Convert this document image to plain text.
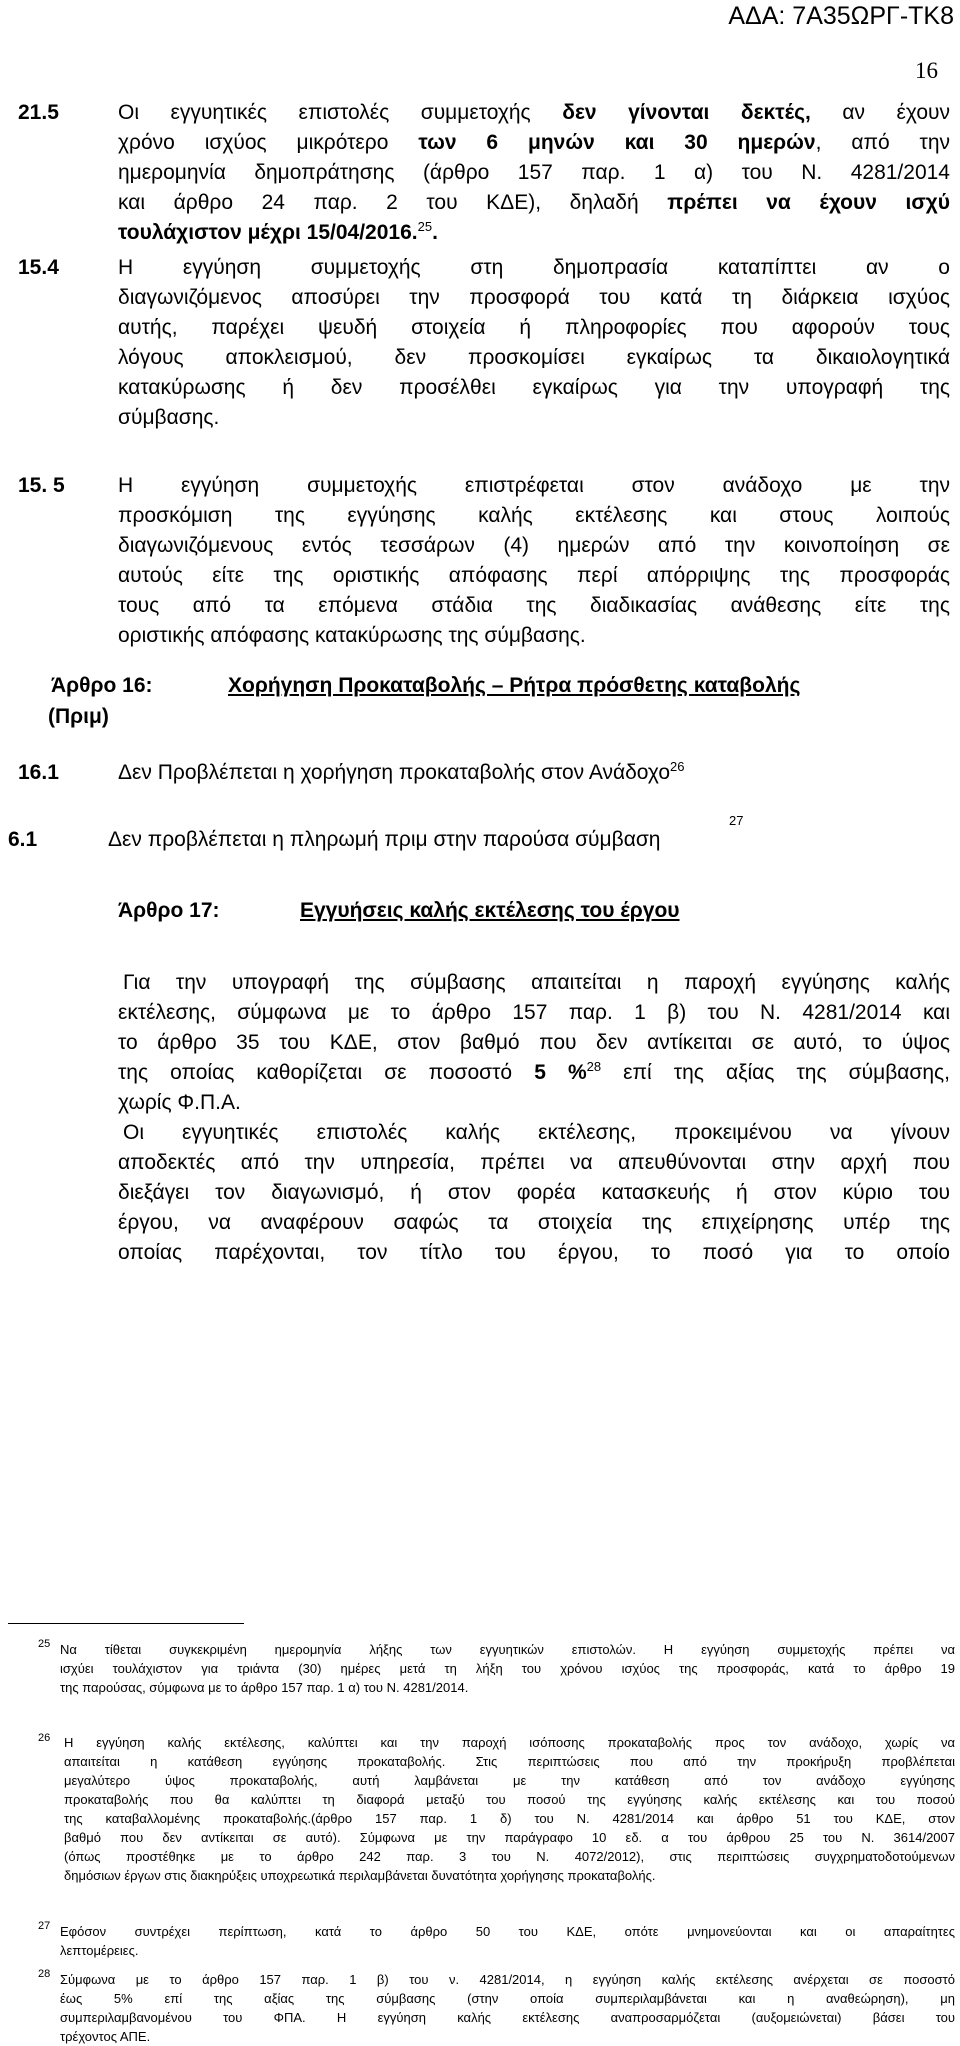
ΑΔΑ: 7Α35ΩΡΓ-ΤΚ8
16
21.5	Οι εγγυητικές επιστολές συμμετοχής δεν γίνονται δεκτές, αν έχουν
χρόνο ισχύος μικρότερο των 6 μηνών και 30 ημερών, από την
ημερομηνία δημοπράτησης (άρθρο 157 παρ. 1 α) του Ν. 4281/2014
και άρθρο 24 παρ. 2 του ΚΔΕ), δηλαδή πρέπει να έχουν ισχύ
τουλάχιστον μέχρι 15/04/2016.25.
15.4	Η εγγύηση συμμετοχής στη δημοπρασία καταπίπτει αν ο
διαγωνιζόμενος αποσύρει την προσφορά του κατά τη διάρκεια ισχύος
αυτής, παρέχει ψευδή στοιχεία ή πληροφορίες που αφορούν τους
λόγους αποκλεισμού, δεν προσκομίσει εγκαίρως τα δικαιολογητικά
κατακύρωσης ή δεν προσέλθει εγκαίρως για την υπογραφή της
σύμβασης.
15. 5	Η εγγύηση συμμετοχής επιστρέφεται στον ανάδοχο με την
προσκόμιση της εγγύησης καλής εκτέλεσης και στους λοιπούς
διαγωνιζόμενους εντός τεσσάρων (4) ημερών από την κοινοποίηση σε
αυτούς είτε της οριστικής απόφασης περί απόρριψης της προσφοράς
τους από τα επόμενα στάδια της διαδικασίας ανάθεσης είτε της
οριστικής απόφασης κατακύρωσης της σύμβασης.
Άρθρο 16:	Χορήγηση Προκαταβολής – Ρήτρα πρόσθετης καταβολής
(Πριμ)
16.1	Δεν Προβλέπεται η χορήγηση προκαταβολής στον Ανάδοχο$^{26}$
6.1	Δεν προβλέπεται η πληρωμή πριμ στην παρούσα σύμβαση
27
Άρθρο 17:	Εγγυήσεις καλής εκτέλεσης του έργου
Για την υπογραφή της σύμβασης απαιτείται η παροχή εγγύησης καλής
εκτέλεσης, σύμφωνα με το άρθρο 157 παρ. 1 β) του Ν. 4281/2014 και
το άρθρο 35 του ΚΔΕ, στον βαθμό που δεν αντίκειται σε αυτό, το ύψος
της οποίας καθορίζεται σε ποσοστό 5 %$^{28}$ επί της αξίας της σύμβασης,
χωρίς Φ.Π.Α.
Οι εγγυητικές επιστολές καλής εκτέλεσης, προκειμένου να γίνουν
αποδεκτές από την υπηρεσία, πρέπει να απευθύνονται στην αρχή που
διεξάγει τον διαγωνισμό, ή στον φορέα κατασκευής ή στον κύριο του
έργου, να αναφέρουν σαφώς τα στοιχεία της επιχείρησης υπέρ της
οποίας παρέχονται, τον τίτλο του έργου, το ποσό για το οποίο
25 Να τίθεται συγκεκριμένη ημερομηνία λήξης των εγγυητικών επιστολών. Η εγγύηση συμμετοχής πρέπει να
ισχύει τουλάχιστον για τριάντα (30) ημέρες μετά τη λήξη του χρόνου ισχύος της προσφοράς, κατά το άρθρο 19
της παρούσας, σύμφωνα με το άρθρο 157 παρ. 1 α) του Ν. 4281/2014.
26 Η εγγύηση καλής εκτέλεσης, καλύπτει και την παροχή ισόποσης προκαταβολής προς τον ανάδοχο, χωρίς να
απαιτείται η κατάθεση εγγύησης προκαταβολής. Στις περιπτώσεις που από την προκήρυξη προβλέπεται
μεγαλύτερο ύψος προκαταβολής, αυτή λαμβάνεται με την κατάθεση από τον ανάδοχο εγγύησης
προκαταβολής που θα καλύπτει τη διαφορά μεταξύ του ποσού της εγγύησης καλής εκτέλεσης και του ποσού
της καταβαλλομένης προκαταβολής.(άρθρο 157 παρ. 1 δ) του Ν. 4281/2014 και άρθρο 51 του ΚΔΕ, στον
βαθμό που δεν αντίκειται σε αυτό). Σύμφωνα με την παράγραφο 10 εδ. α του άρθρου 25 του Ν. 3614/2007
(όπως προστέθηκε με το άρθρο 242 παρ. 3 του Ν. 4072/2012), στις περιπτώσεις συγχρηματοδοτούμενων
δημόσιων έργων στις διακηρύξεις υποχρεωτικά περιλαμβάνεται δυνατότητα χορήγησης προκαταβολής.
27 Εφόσον συντρέχει περίπτωση, κατά το άρθρο 50 του ΚΔΕ, οπότε μνημονεύονται και οι απαραίτητες
λεπτομέρειες.
28 Σύμφωνα με το άρθρο 157 παρ. 1 β) του ν. 4281/2014, η εγγύηση καλής εκτέλεσης ανέρχεται σε ποσοστό
έως 5% επί της αξίας της σύμβασης (στην οποία συμπεριλαμβάνεται και η αναθεώρηση), μη
συμπεριλαμβανομένου του ΦΠΑ. Η εγγύηση καλής εκτέλεσης αναπροσαρμόζεται (αυξομειώνεται) βάσει του
τρέχοντος ΑΠΕ.
